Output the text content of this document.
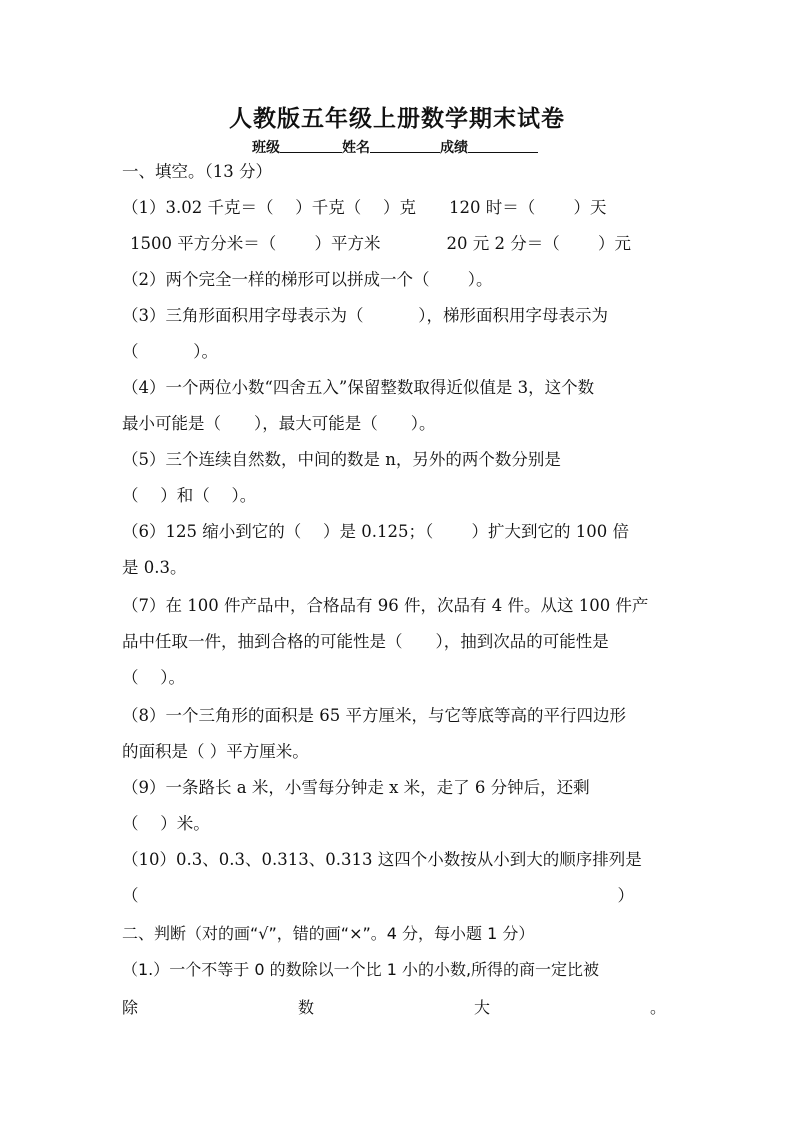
人教版五年级上册数学期末试卷
班级	姓名	成绩
一、填空。（13 分）
（1）3.02 千克＝（　 ）千克（　 ）克　　120 时＝（　　 ）天
1500 平方分米＝（　　 ）平方米　　　　20 元 2 分＝（　　 ）元
（2）两个完全一样的梯形可以拼成一个（　　 ）。
（3）三角形面积用字母表示为（　　　 ），梯形面积用字母表示为
（　　　 ）。
（4）一个两位小数“四舍五入”保留整数取得近似值是 3，这个数
最小可能是（　　），最大可能是（　　）。
（5）三个连续自然数，中间的数是 n，另外的两个数分别是
（　 ）和（　 ）。
（6）125 缩小到它的（　 ）是 0.125；（　　 ）扩大到它的 100 倍
是 0.3。
（7）在 100 件产品中，合格品有 96 件，次品有 4 件。从这 100 件产
品中任取一件，抽到合格的可能性是（　　），抽到次品的可能性是
（　 ）。
（8）一个三角形的面积是 65 平方厘米，与它等底等高的平行四边形
的面积是（ ）平方厘米。
（9）一条路长 a 米，小雪每分钟走 x 米，走了 6 分钟后，还剩
（　 ）米。
（10）0.3、0.3、0.313、0.313 这四个小数按从小到大的顺序排列是
（	）
二、判断（对的画“√”，错的画“×”。4 分，每小题 1 分）
（1.）一个不等于 0 的数除以一个比 1 小的小数,所得的商一定比被
除	数	大	。
